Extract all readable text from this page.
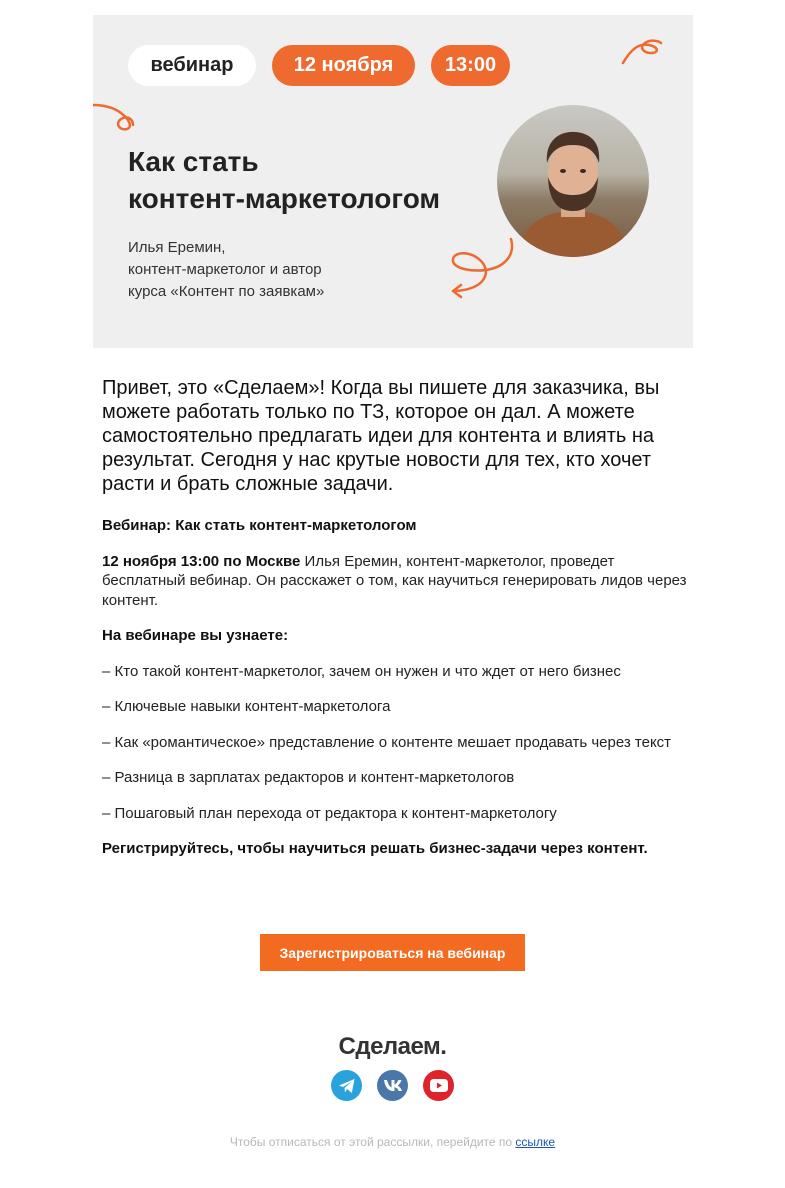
вебинар	12 ноября	13:00
Как стать
контент-маркетологом
Илья Еремин,
контент-маркетолог и автор
курса «Контент по заявкам»

Привет, это «Сделаем»! Когда вы пишете для заказчика, вы можете работать только по ТЗ, которое он дал. А можете самостоятельно предлагать идеи для контента и влиять на результат. Сегодня у нас крутые новости для тех, кто хочет расти и брать сложные задачи.

Вебинар: Как стать контент-маркетологом

12 ноября 13:00 по Москве Илья Еремин, контент-маркетолог, проведет бесплатный вебинар. Он расскажет о том, как научиться генерировать лидов через контент.

На вебинаре вы узнаете:

– Кто такой контент-маркетолог, зачем он нужен и что ждет от него бизнес

– Ключевые навыки контент-маркетолога

– Как «романтическое» представление о контенте мешает продавать через текст

– Разница в зарплатах редакторов и контент-маркетологов

– Пошаговый план перехода от редактора к контент-маркетологу

Регистрируйтесь, чтобы научиться решать бизнес-задачи через контент.

Зарегистрироваться на вебинар
Сделаем.
Чтобы отписаться от этой рассылки, перейдите по ссылке
